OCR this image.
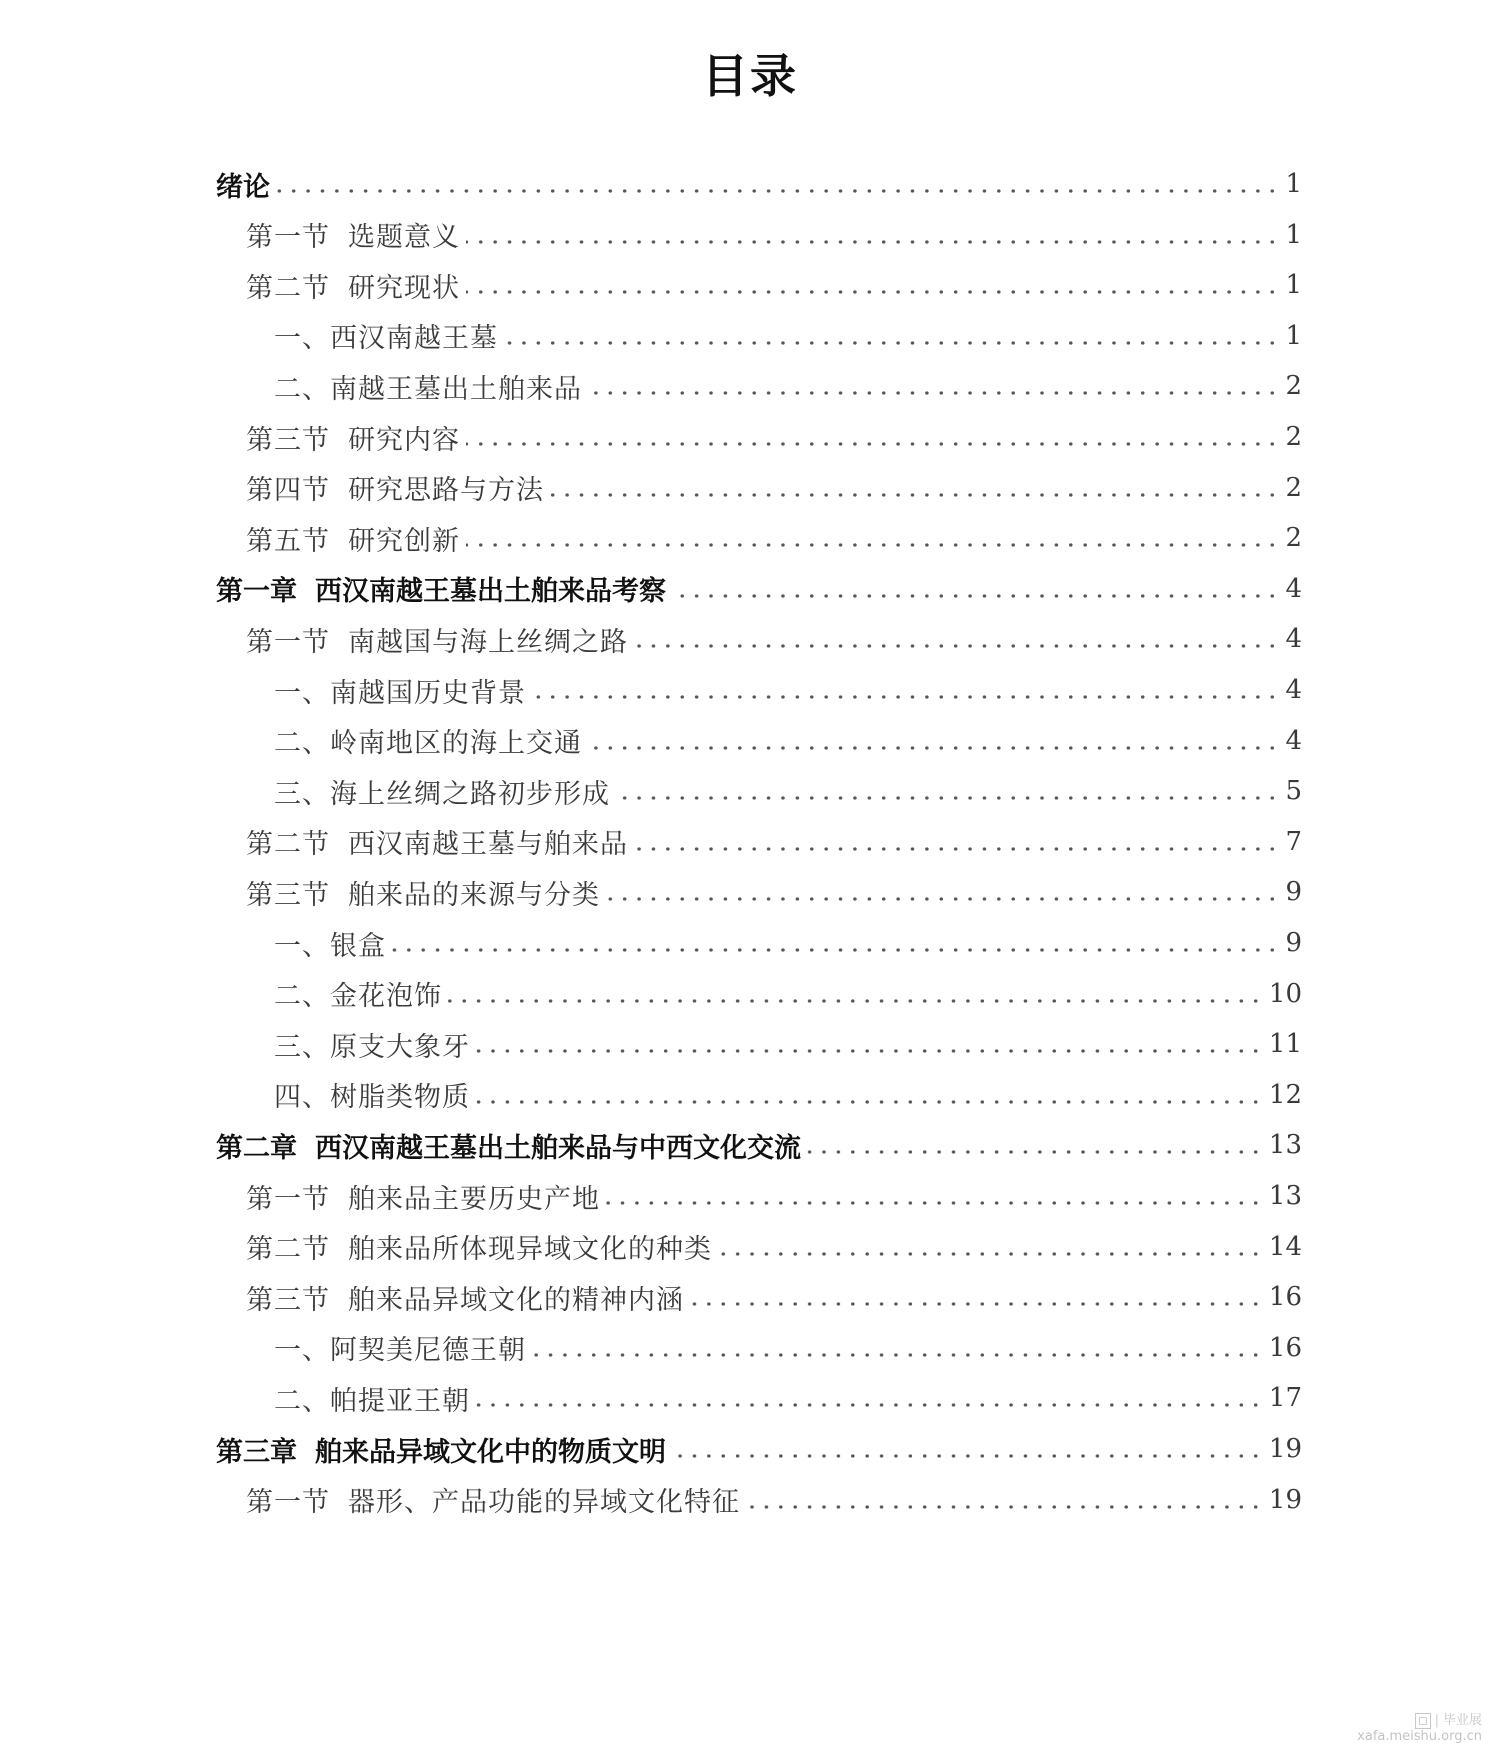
目录
绪论	1
第一节 选题意义	1
第二节 研究现状	1
一、西汉南越王墓	1
二、南越王墓出土舶来品	2
第三节 研究内容	2
第四节 研究思路与方法	2
第五节 研究创新	2
第一章 西汉南越王墓出土舶来品考察	4
第一节 南越国与海上丝绸之路	4
一、南越国历史背景	4
二、岭南地区的海上交通	4
三、海上丝绸之路初步形成	5
第二节 西汉南越王墓与舶来品	7
第三节 舶来品的来源与分类	9
一、银盒	9
二、金花泡饰	10
三、原支大象牙	11
四、树脂类物质	12
第二章 西汉南越王墓出土舶来品与中西文化交流	13
第一节 舶来品主要历史产地	13
第二节 舶来品所体现异域文化的种类	14
第三节 舶来品异域文化的精神内涵	16
一、阿契美尼德王朝	16
二、帕提亚王朝	17
第三章 舶来品异域文化中的物质文明	19
第一节 器形、产品功能的异域文化特征	19
| 毕业展
xafa.meishu.org.cn
